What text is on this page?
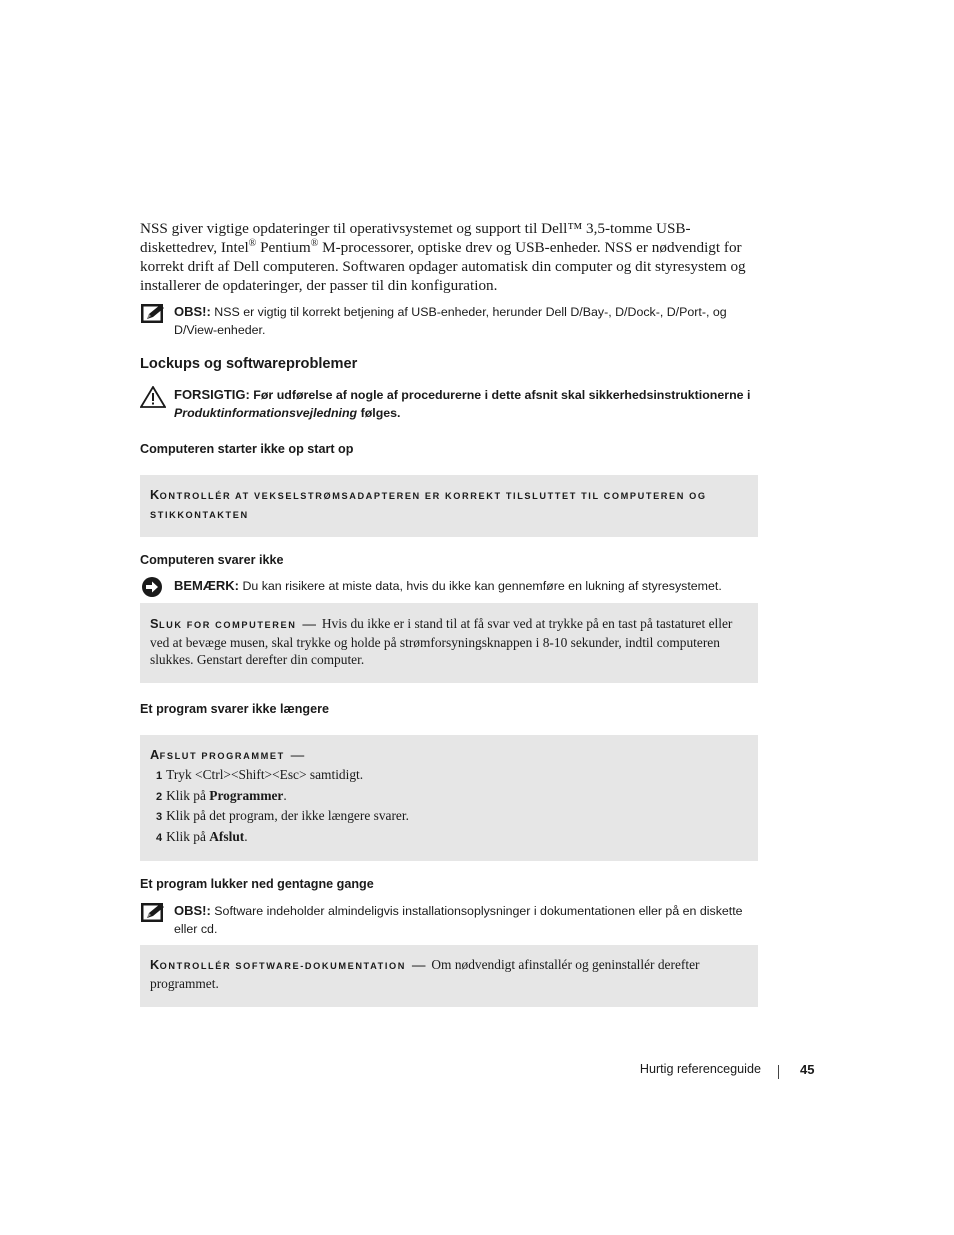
NSS giver vigtige opdateringer til operativsystemet og support til Dell™ 3,5-tomme USB-diskettedrev, Intel® Pentium® M-processorer, optiske drev og USB-enheder. NSS er nødvendigt for korrekt drift af Dell computeren. Softwaren opdager automatisk din computer og dit styresystem og installerer de opdateringer, der passer til din konfiguration.
OBS!: NSS er vigtig til korrekt betjening af USB-enheder, herunder Dell D/Bay-, D/Dock-, D/Port-, og D/View-enheder.
Lockups og softwareproblemer
FORSIGTIG: Før udførelse af nogle af procedurerne i dette afsnit skal sikkerhedsinstruktionerne i Produktinformationsvejledning følges.
Computeren starter ikke op start op
KONTROLLÉR AT VEKSELSTRØMSADAPTEREN ER KORREKT TILSLUTTET TIL COMPUTEREN OG STIKKONTAKTEN
Computeren svarer ikke
BEMÆRK: Du kan risikere at miste data, hvis du ikke kan gennemføre en lukning af styresystemet.
SLUK FOR COMPUTEREN — Hvis du ikke er i stand til at få svar ved at trykke på en tast på tastaturet eller ved at bevæge musen, skal trykke og holde på strømforsyningsknappen i 8-10 sekunder, indtil computeren slukkes. Genstart derefter din computer.
Et program svarer ikke længere
AFSLUT PROGRAMMET —
1 Tryk <Ctrl><Shift><Esc> samtidigt.
2 Klik på Programmer.
3 Klik på det program, der ikke længere svarer.
4 Klik på Afslut.
Et program lukker ned gentagne gange
OBS!: Software indeholder almindeligvis installationsoplysninger i dokumentationen eller på en diskette eller cd.
KONTROLLÉR SOFTWARE-DOKUMENTATION — Om nødvendigt afinstallér og geninstallér derefter programmet.
Hurtig referenceguide	45
